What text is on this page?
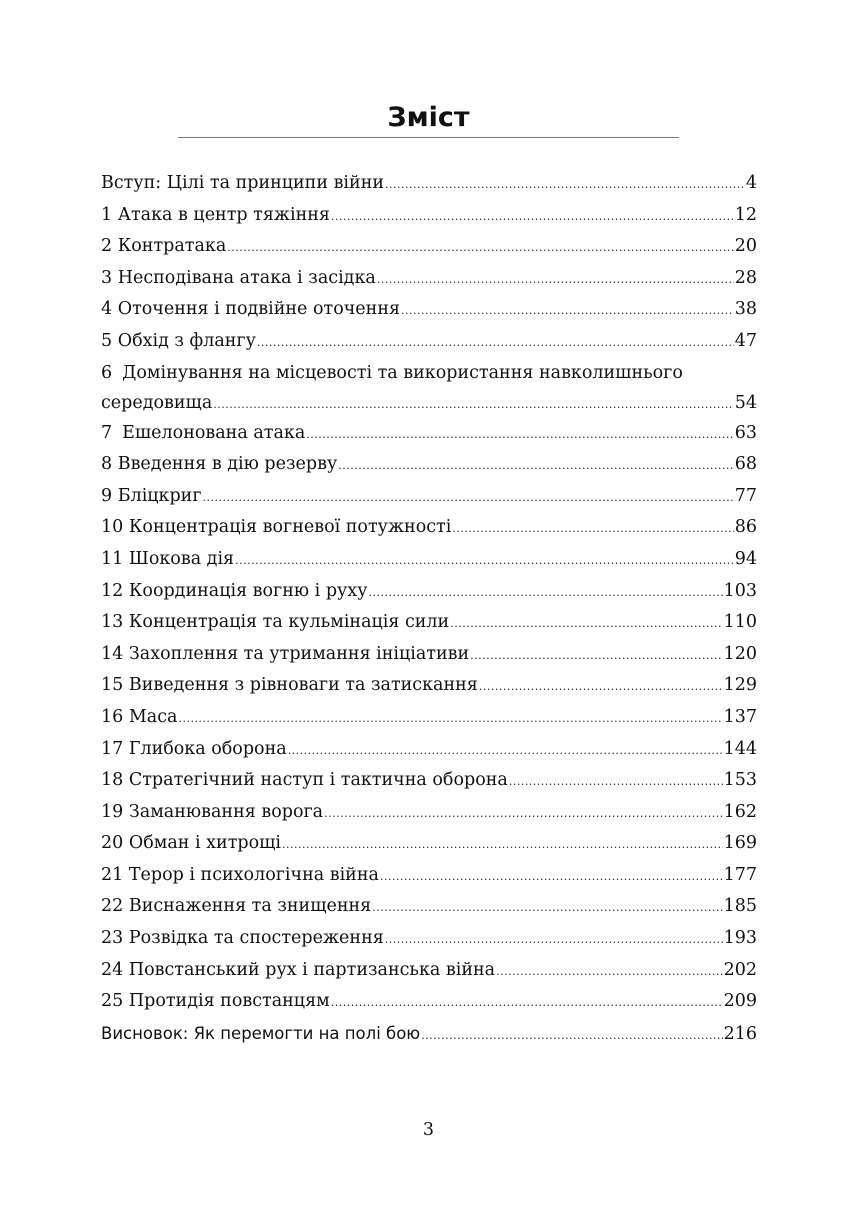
Зміст
Вступ: Цілі та принципи війни .....	4
1 Атака в центр тяжіння .....	12
2 Контратака .....	20
3 Несподівана атака і засідка .....	28
4 Оточення і подвійне оточення .....	38
5 Обхід з флангу .....	47
6 Домінування на місцевості та використання навколишнього
середовища .....	54
7 Ешелонована атака .....	63
8 Введення в дію резерву .....	68
9 Бліцкриг .....	77
10 Концентрація вогневої потужності .....	86
11 Шокова дія .....	94
12 Координація вогню і руху .....	103
13 Концентрація та кульмінація сили .....	110
14 Захоплення та утримання ініціативи .....	120
15 Виведення з рівноваги та затискання .....	129
16 Маса .....	137
17 Глибока оборона .....	144
18 Стратегічний наступ і тактична оборона .....	153
19 Заманювання ворога .....	162
20 Обман і хитрощі .....	169
21 Терор і психологічна війна .....	177
22 Виснаження та знищення .....	185
23 Розвідка та спостереження .....	193
24 Повстанський рух і партизанська війна .....	202
25 Протидія повстанцям .....	209
Висновок: Як перемогти на полі бою .....	216
3
